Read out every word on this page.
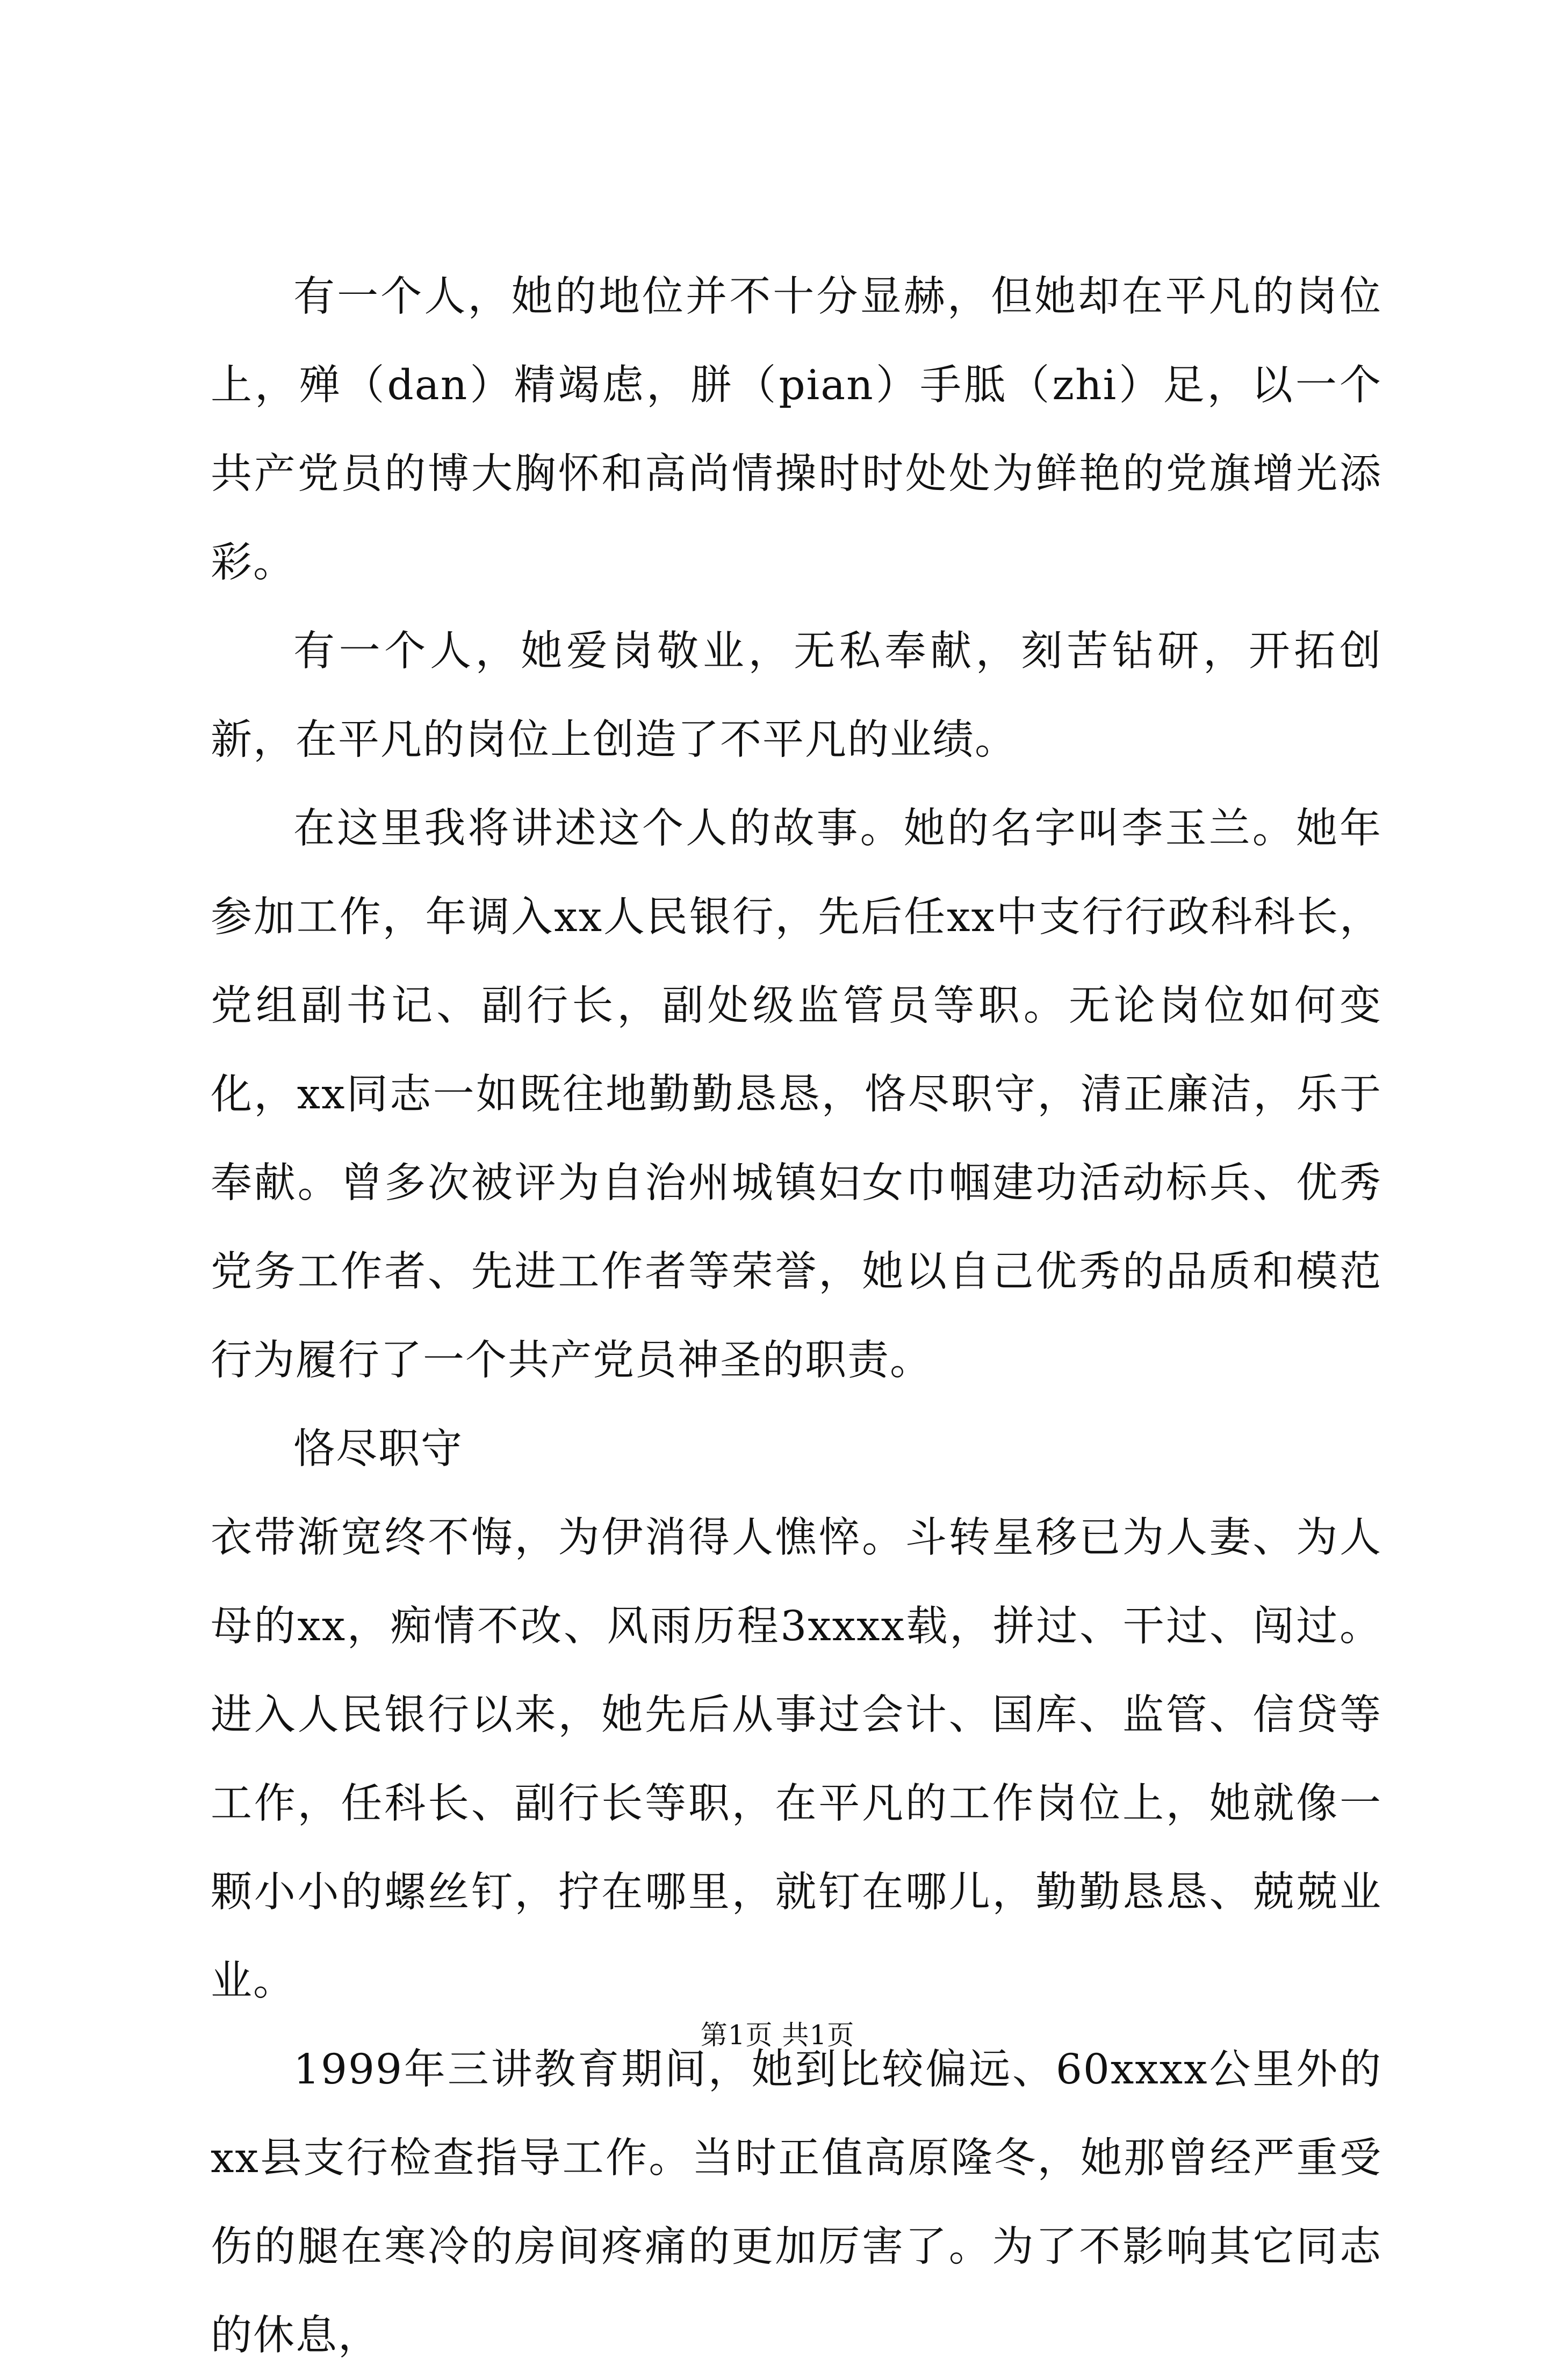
有一个人，她的地位并不十分显赫，但她却在平凡的岗位上，殚（dan）精竭虑，胼（pian）手胝（zhi）足，以一个共产党员的博大胸怀和高尚情操时时处处为鲜艳的党旗增光添彩。

有一个人，她爱岗敬业，无私奉献，刻苦钻研，开拓创新，在平凡的岗位上创造了不平凡的业绩。

在这里我将讲述这个人的故事。她的名字叫李玉兰。她年参加工作，年调入xx人民银行，先后任xx中支行行政科科长，党组副书记、副行长，副处级监管员等职。无论岗位如何变化，xx同志一如既往地勤勤恳恳，恪尽职守，清正廉洁，乐于奉献。曾多次被评为自治州城镇妇女巾帼建功活动标兵、优秀党务工作者、先进工作者等荣誉，她以自己优秀的品质和模范行为履行了一个共产党员神圣的职责。

恪尽职守

衣带渐宽终不悔，为伊消得人憔悴。斗转星移已为人妻、为人母的xx，痴情不改、风雨历程3xxxx载，拼过、干过、闯过。进入人民银行以来，她先后从事过会计、国库、监管、信贷等工作，任科长、副行长等职，在平凡的工作岗位上，她就像一颗小小的螺丝钉，拧在哪里，就钉在哪儿，勤勤恳恳、兢兢业业。

1999年三讲教育期间，她到比较偏远、60xxxx公里外的xx县支行检查指导工作。当时正值高原隆冬，她那曾经严重受伤的腿在寒冷的房间疼痛的更加厉害了。为了不影响其它同志的休息，

第1页 共1页
